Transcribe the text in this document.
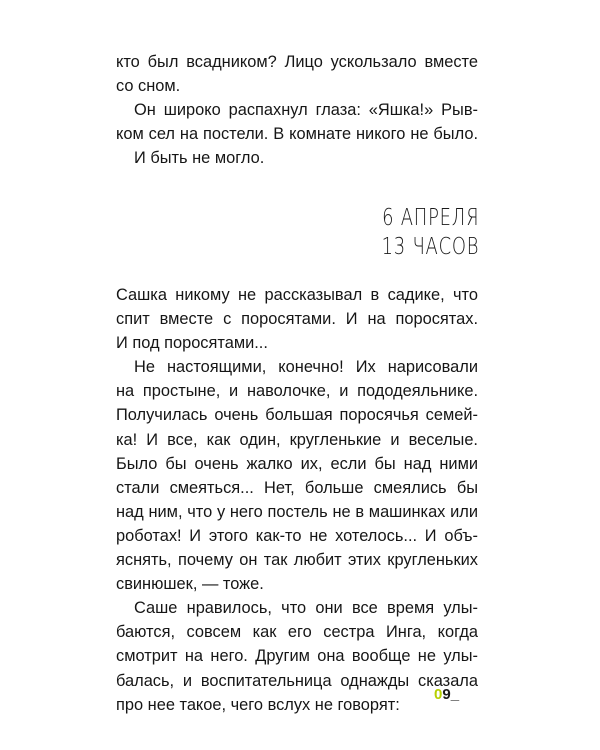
кто был всадником? Лицо ускользало вместе
со сном.
Он широко распахнул глаза: «Яшка!» Рыв-
ком сел на постели. В комнате никого не было.
И быть не могло.
6 АПРЕЛЯ
13 ЧАСОВ
Сашка никому не рассказывал в садике, что
спит вместе с поросятами. И на поросятах.
И под поросятами...
Не настоящими, конечно! Их нарисовали
на простыне, и наволочке, и пододеяльнике.
Получилась очень большая поросячья семей-
ка! И все, как один, кругленькие и веселые.
Было бы очень жалко их, если бы над ними
стали смеяться... Нет, больше смеялись бы
над ним, что у него постель не в машинках или
роботах! И этого как-то не хотелось... И объ-
яснять, почему он так любит этих кругленьких
свинюшек, — тоже.
Саше нравилось, что они все время улы-
баются, совсем как его сестра Инга, когда
смотрит на него. Другим она вообще не улы-
балась, и воспитательница однажды сказала
про нее такое, чего вслух не говорят:
09_
